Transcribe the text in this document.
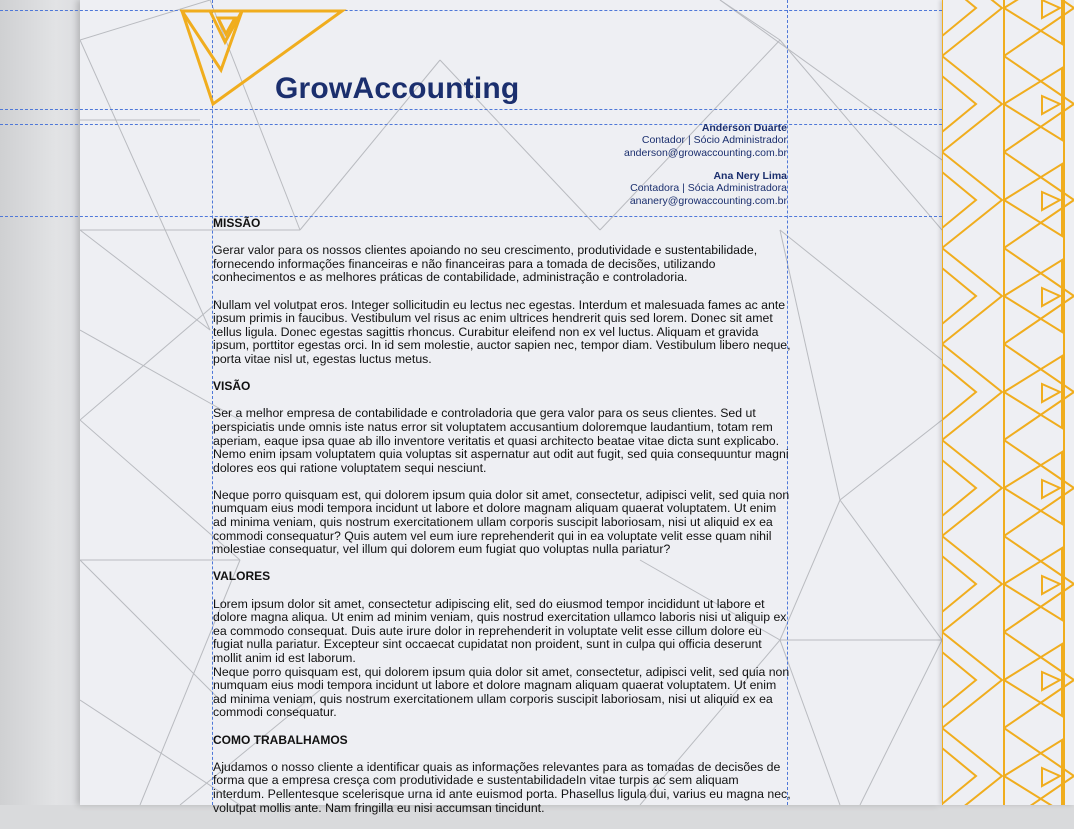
GrowAccounting
Anderson Duarte
Contador | Sócio Administrador
anderson@growaccounting.com.br
Ana Nery Lima
Contadora | Sócia Administradora
ananery@growaccounting.com.br
MISSÃO

Gerar valor para os nossos clientes apoiando no seu crescimento, produtividade e sustentabilidade, fornecendo informações financeiras e não financeiras para a tomada de decisões, utilizando conhecimentos e as melhores práticas de contabilidade, administração e controladoria.

Nullam vel volutpat eros. Integer sollicitudin eu lectus nec egestas. Interdum et malesuada fames ac ante ipsum primis in faucibus. Vestibulum vel risus ac enim ultrices hendrerit quis sed lorem. Donec sit amet tellus ligula. Donec egestas sagittis rhoncus. Curabitur eleifend non ex vel luctus. Aliquam et gravida ipsum, porttitor egestas orci. In id sem molestie, auctor sapien nec, tempor diam. Vestibulum libero neque, porta vitae nisl ut, egestas luctus metus.

VISÃO

Ser a melhor empresa de contabilidade e controladoria que gera valor para os seus clientes. Sed ut perspiciatis unde omnis iste natus error sit voluptatem accusantium doloremque laudantium, totam rem aperiam, eaque ipsa quae ab illo inventore veritatis et quasi architecto beatae vitae dicta sunt explicabo. Nemo enim ipsam voluptatem quia voluptas sit aspernatur aut odit aut fugit, sed quia consequuntur magni dolores eos qui ratione voluptatem sequi nesciunt.

Neque porro quisquam est, qui dolorem ipsum quia dolor sit amet, consectetur, adipisci velit, sed quia non numquam eius modi tempora incidunt ut labore et dolore magnam aliquam quaerat voluptatem. Ut enim ad minima veniam, quis nostrum exercitationem ullam corporis suscipit laboriosam, nisi ut aliquid ex ea commodi consequatur? Quis autem vel eum iure reprehenderit qui in ea voluptate velit esse quam nihil molestiae consequatur, vel illum qui dolorem eum fugiat quo voluptas nulla pariatur?

VALORES

Lorem ipsum dolor sit amet, consectetur adipiscing elit, sed do eiusmod tempor incididunt ut labore et dolore magna aliqua. Ut enim ad minim veniam, quis nostrud exercitation ullamco laboris nisi ut aliquip ex ea commodo consequat. Duis aute irure dolor in reprehenderit in voluptate velit esse cillum dolore eu fugiat nulla pariatur. Excepteur sint occaecat cupidatat non proident, sunt in culpa qui officia deserunt mollit anim id est laborum.

Neque porro quisquam est, qui dolorem ipsum quia dolor sit amet, consectetur, adipisci velit, sed quia non numquam eius modi tempora incidunt ut labore et dolore magnam aliquam quaerat voluptatem. Ut enim ad minima veniam, quis nostrum exercitationem ullam corporis suscipit laboriosam, nisi ut aliquid ex ea commodi consequatur.

COMO TRABALHAMOS

Ajudamos o nosso cliente a identificar quais as informações relevantes para as tomadas de decisões de forma que a empresa cresça com produtividade e sustentabilidadeIn vitae turpis ac sem aliquam interdum. Pellentesque scelerisque urna id ante euismod porta. Phasellus ligula dui, varius eu magna nec, volutpat mollis ante. Nam fringilla eu nisi accumsan tincidunt.
